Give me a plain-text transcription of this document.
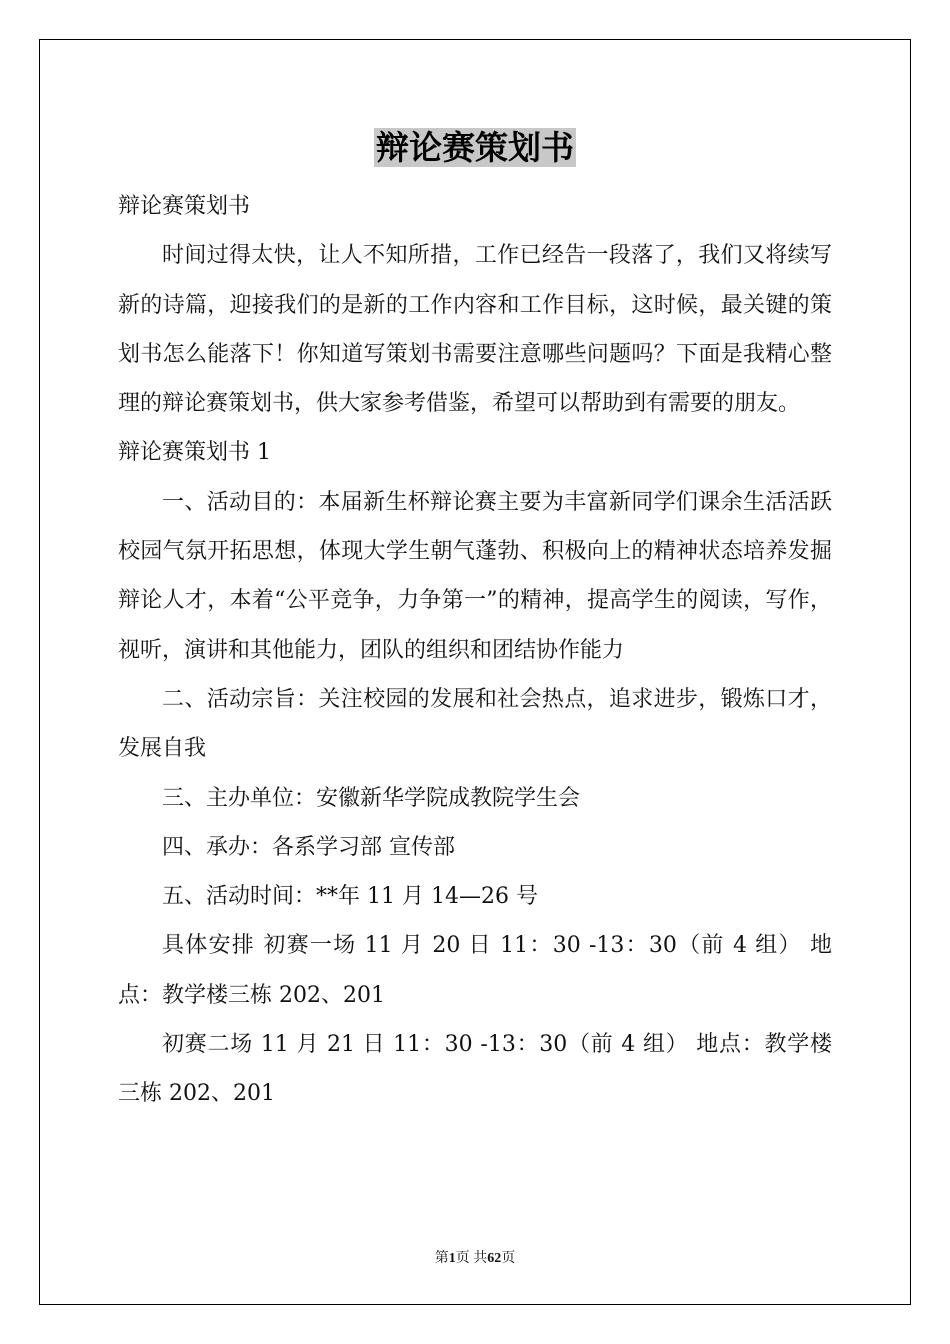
辩论赛策划书

辩论赛策划书

时间过得太快，让人不知所措，工作已经告一段落了，我们又将续写新的诗篇，迎接我们的是新的工作内容和工作目标，这时候，最关键的策划书怎么能落下！你知道写策划书需要注意哪些问题吗？下面是我精心整理的辩论赛策划书，供大家参考借鉴，希望可以帮助到有需要的朋友。

辩论赛策划书 1

一、活动目的：本届新生杯辩论赛主要为丰富新同学们课余生活活跃校园气氛开拓思想，体现大学生朝气蓬勃、积极向上的精神状态培养发掘辩论人才，本着“公平竞争，力争第一”的精神，提高学生的阅读，写作，视听，演讲和其他能力，团队的组织和团结协作能力

二、活动宗旨：关注校园的发展和社会热点，追求进步，锻炼口才，发展自我

三、主办单位：安徽新华学院成教院学生会

四、承办：各系学习部 宣传部

五、活动时间：**年 11 月 14—26 号

具体安排 初赛一场 11 月 20 日 11：30 -13：30（前 4 组） 地点：教学楼三栋 202、201

初赛二场 11 月 21 日 11：30 -13：30（前 4 组） 地点：教学楼三栋 202、201

第1页 共62页
